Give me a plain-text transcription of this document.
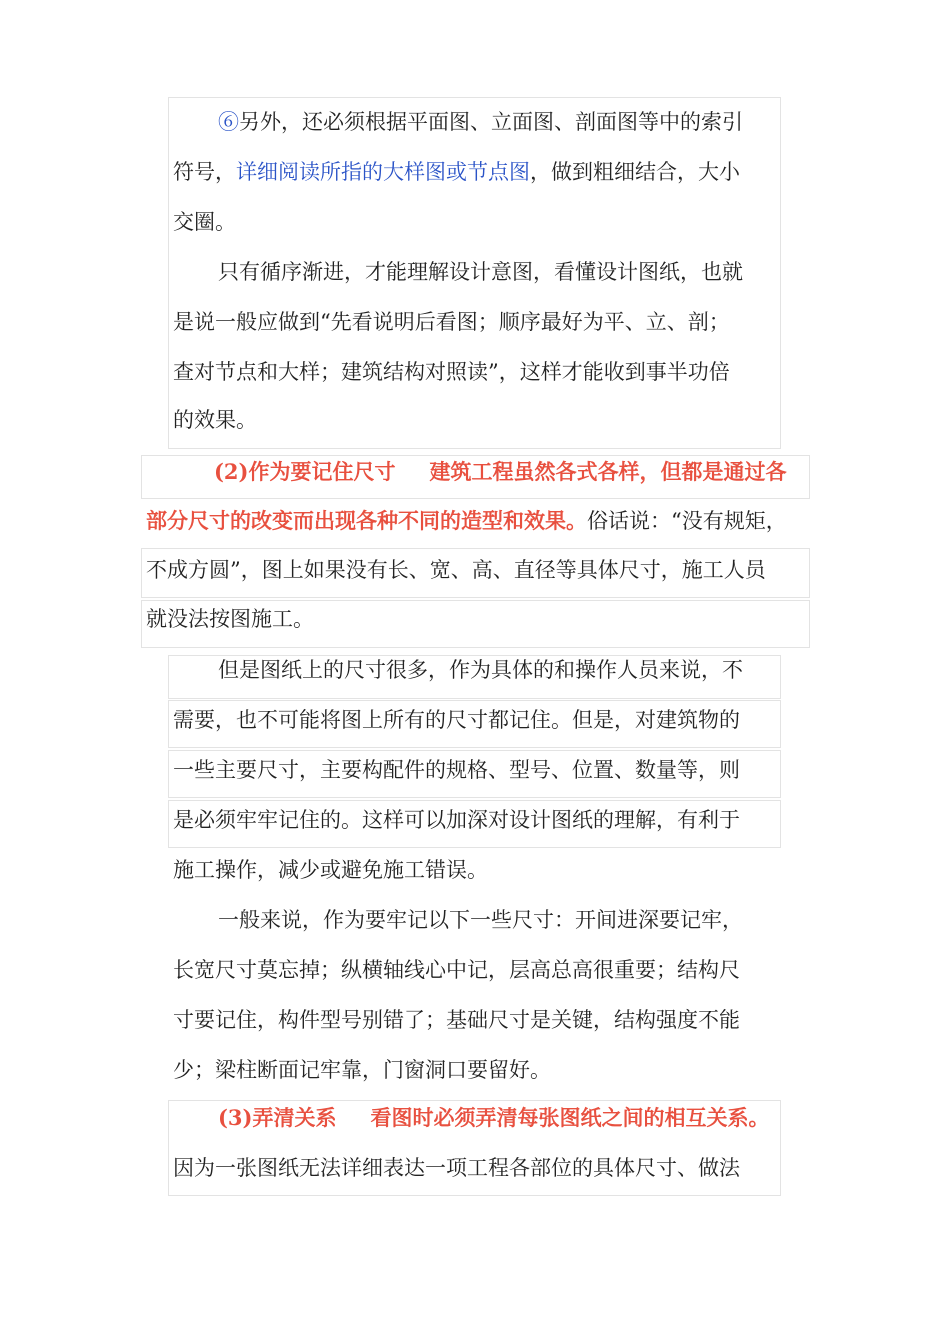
⑥另外，还必须根据平面图、立面图、剖面图等中的索引
符号，详细阅读所指的大样图或节点图，做到粗细结合，大小
交圈。
只有循序渐进，才能理解设计意图，看懂设计图纸，也就
是说一般应做到“先看说明后看图；顺序最好为平、立、剖；
查对节点和大样；建筑结构对照读”，这样才能收到事半功倍
的效果。
(2)作为要记住尺寸 建筑工程虽然各式各样，但都是通过各
部分尺寸的改变而出现各种不同的造型和效果。俗话说：“没有规矩，
不成方圆”，图上如果没有长、宽、高、直径等具体尺寸，施工人员
就没法按图施工。
但是图纸上的尺寸很多，作为具体的和操作人员来说，不
需要，也不可能将图上所有的尺寸都记住。但是，对建筑物的
一些主要尺寸，主要构配件的规格、型号、位置、数量等，则
是必须牢牢记住的。这样可以加深对设计图纸的理解，有利于
施工操作，减少或避免施工错误。
一般来说，作为要牢记以下一些尺寸：开间进深要记牢，
长宽尺寸莫忘掉；纵横轴线心中记，层高总高很重要；结构尺
寸要记住，构件型号别错了；基础尺寸是关键，结构强度不能
少；梁柱断面记牢靠，门窗洞口要留好。
(3)弄清关系 看图时必须弄清每张图纸之间的相互关系。
因为一张图纸无法详细表达一项工程各部位的具体尺寸、做法
